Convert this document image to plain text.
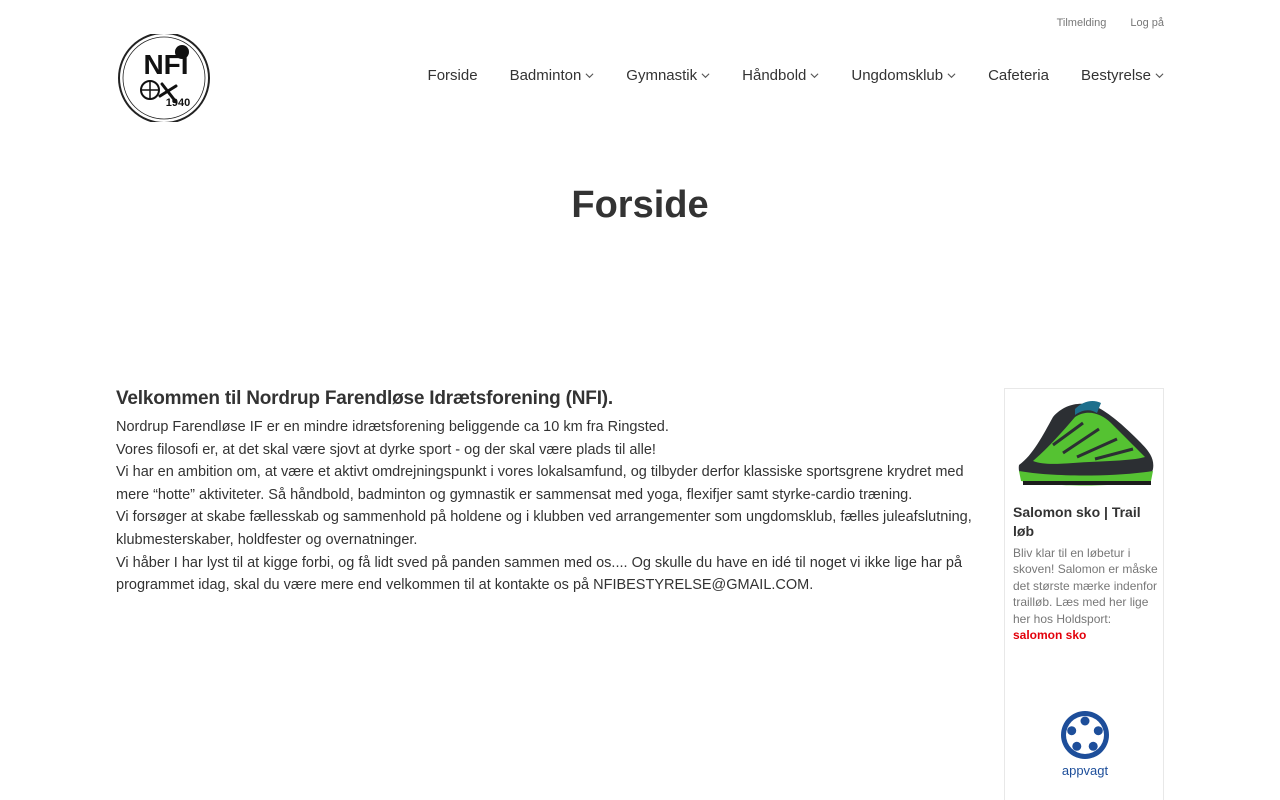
Tilmelding Log på
NFI
1940
Forside Badminton	Gymnastik	Håndbold	Ungdomsklub	Cafeteria Bestyrelse
Forside
Velkommen til Nordrup Farendløse Idrætsforening (NFI).

Nordrup Farendløse IF er en mindre idrætsforening beliggende ca 10 km fra Ringsted.

Vores filosofi er, at det skal være sjovt at dyrke sport - og der skal være plads til alle!

Vi har en ambition om, at være et aktivt omdrejningspunkt i vores lokalsamfund, og tilbyder derfor klassiske sportsgrene krydret med mere “hotte” aktiviteter. Så håndbold, badminton og gymnastik er sammensat med yoga, flexifjer samt styrke-cardio træning.

Vi forsøger at skabe fællesskab og sammenhold på holdene og i klubben ved arrangementer som ungdomsklub, fælles juleafslutning, klubmesterskaber, holdfester og overnatninger.

Vi håber I har lyst til at kigge forbi, og få lidt sved på panden sammen med os.... Og skulle du have en idé til noget vi ikke lige har på programmet idag, skal du være mere end velkommen til at kontakte os på NFIBESTYRELSE@GMAIL.COM.

Salomon sko | Trail løb
Bliv klar til en løbetur i skoven! Salomon er måske det største mærke indenfor trailløb. Læs med her lige her hos Holdsport: salomon sko
appvagt
